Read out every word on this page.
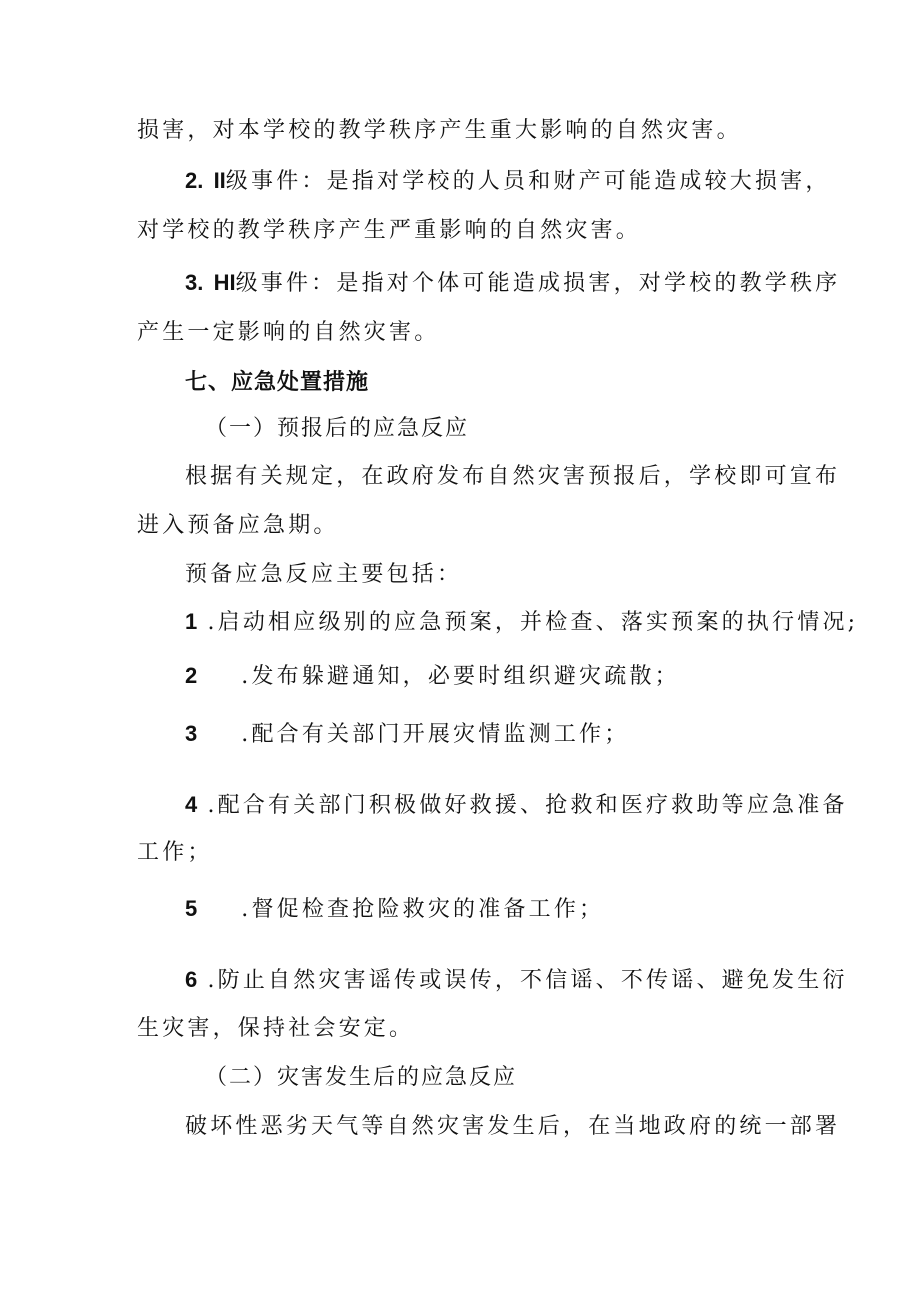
损害，对本学校的教学秩序产生重大影响的自然灾害。
2. II级事件：是指对学校的人员和财产可能造成较大损害，
对学校的教学秩序产生严重影响的自然灾害。
3. HI级事件：是指对个体可能造成损害，对学校的教学秩序
产生一定影响的自然灾害。
七、应急处置措施
（一）预报后的应急反应
根据有关规定，在政府发布自然灾害预报后，学校即可宣布
进入预备应急期。
预备应急反应主要包括：
1 .启动相应级别的应急预案，并检查、落实预案的执行情况;
2 .发布躲避通知，必要时组织避灾疏散；
3 .配合有关部门开展灾情监测工作；
4 .配合有关部门积极做好救援、抢救和医疗救助等应急准备
工作；
5 .督促检查抢险救灾的准备工作；
6 .防止自然灾害谣传或误传，不信谣、不传谣、避免发生衍
生灾害，保持社会安定。
（二）灾害发生后的应急反应
破坏性恶劣天气等自然灾害发生后，在当地政府的统一部署
